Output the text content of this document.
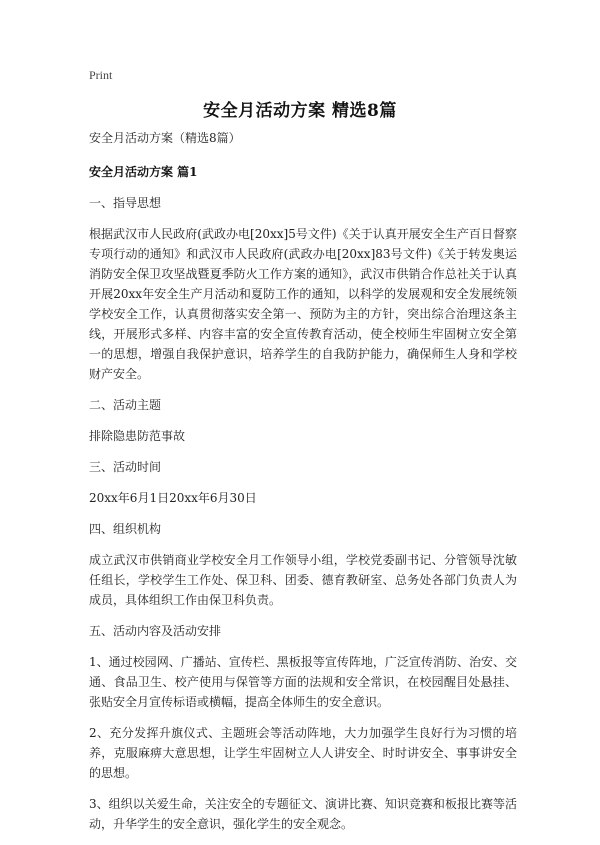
Print
安全月活动方案 精选8篇

安全月活动方案（精选8篇）

安全月活动方案 篇1

一、指导思想

根据武汉市人民政府(武政办电[20xx]5号文件)《关于认真开展安全生产百日督察专项行动的通知》和武汉市人民政府(武政办电[20xx]83号文件)《关于转发奥运消防安全保卫攻坚战暨夏季防火工作方案的通知》，武汉市供销合作总社关于认真开展20xx年安全生产月活动和夏防工作的通知，以科学的发展观和安全发展统领学校安全工作，认真贯彻落实安全第一、预防为主的方针，突出综合治理这条主线，开展形式多样、内容丰富的安全宣传教育活动，使全校师生牢固树立安全第一的思想，增强自我保护意识，培养学生的自我防护能力，确保师生人身和学校财产安全。

二、活动主题

排除隐患防范事故

三、活动时间

20xx年6月1日20xx年6月30日

四、组织机构

成立武汉市供销商业学校安全月工作领导小组，学校党委副书记、分管领导沈敏任组长，学校学生工作处、保卫科、团委、德育教研室、总务处各部门负责人为成员，具体组织工作由保卫科负责。

五、活动内容及活动安排

1、通过校园网、广播站、宣传栏、黑板报等宣传阵地，广泛宣传消防、治安、交通、食品卫生、校产使用与保管等方面的法规和安全常识，在校园醒目处悬挂、张贴安全月宣传标语或横幅，提高全体师生的安全意识。

2、充分发挥升旗仪式、主题班会等活动阵地，大力加强学生良好行为习惯的培养，克服麻痹大意思想，让学生牢固树立人人讲安全、时时讲安全、事事讲安全的思想。

3、组织以关爱生命，关注安全的专题征文、演讲比赛、知识竞赛和板报比赛等活动，升华学生的安全意识，强化学生的安全观念。
